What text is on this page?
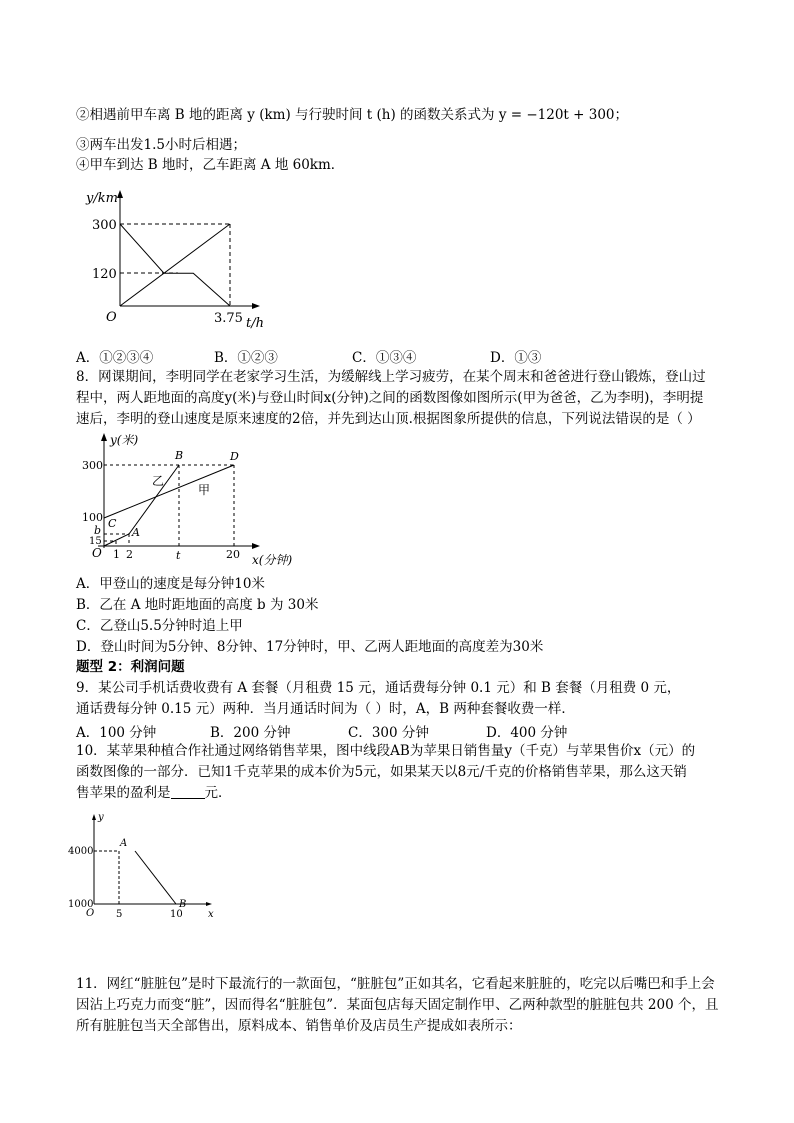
②相遇前甲车离 B 地的距离 y (km) 与行驶时间 t (h) 的函数关系式为 y = −120t + 300；
③两车出发1.5小时后相遇；
④甲车到达 B 地时，乙车距离 A 地 60km．
y/km
300
120
O	3.75 t/h
A．①②③④	B．①②③	C．①③④	D．①③
8．网课期间，李明同学在老家学习生活，为缓解线上学习疲劳，在某个周末和爸爸进行登山锻炼，登山过
程中，两人距地面的高度y(米)与登山时间x(分钟)之间的函数图像如图所示(甲为爸爸，乙为李明)，李明提
速后，李明的登山速度是原来速度的2倍，并先到达山顶.根据图象所提供的信息，下列说法错误的是（ ）
y(米)
300
100
b
15
O 1 2	t	20 x(分钟)
A
B
C
D
乙
甲
A．甲登山的速度是每分钟10米
B．乙在 A 地时距地面的高度 b 为 30米
C．乙登山5.5分钟时追上甲
D．登山时间为5分钟、8分钟、17分钟时，甲、乙两人距地面的高度差为30米
题型 2：利润问题
9．某公司手机话费收费有 A 套餐（月租费 15 元，通话费每分钟 0.1 元）和 B 套餐（月租费 0 元，
通话费每分钟 0.15 元）两种．当月通话时间为（ ）时，A，B 两种套餐收费一样．
A．100 分钟	B．200 分钟	C．300 分钟	D．400 分钟
10．某苹果种植合作社通过网络销售苹果，图中线段AB为苹果日销售量y（千克）与苹果售价x（元）的
函数图像的一部分．已知1千克苹果的成本价为5元，如果某天以8元/千克的价格销售苹果，那么这天销
售苹果的盈利是	元．
y
4000
1000
O 5	10	x
A
B
11．网红“脏脏包”是时下最流行的一款面包，“脏脏包”正如其名，它看起来脏脏的，吃完以后嘴巴和手上会
因沾上巧克力而变“脏”，因而得名“脏脏包”．某面包店每天固定制作甲、乙两种款型的脏脏包共 200 个，且
所有脏脏包当天全部售出，原料成本、销售单价及店员生产提成如表所示：
